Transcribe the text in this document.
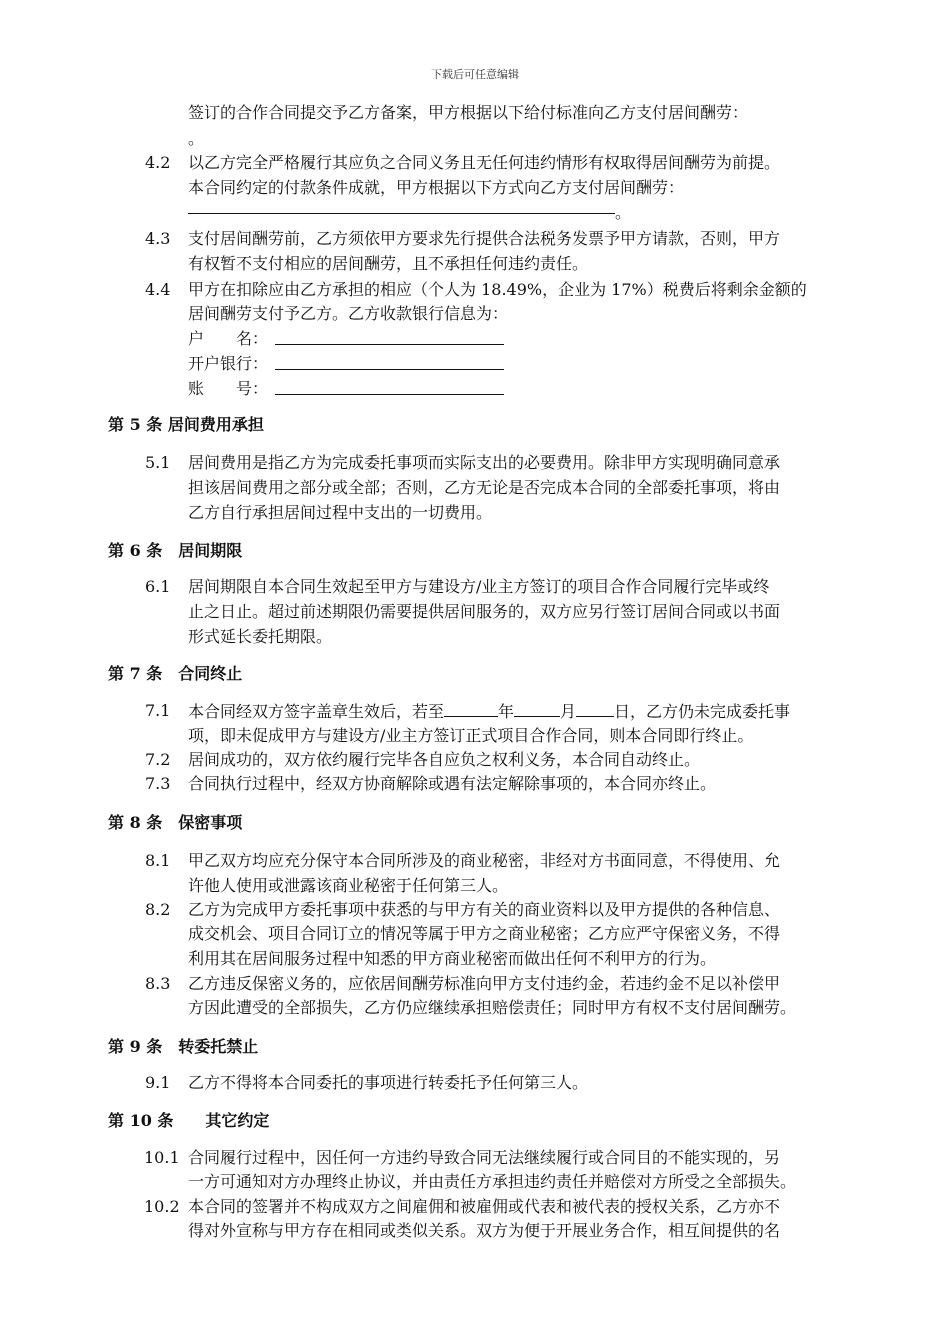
下载后可任意编辑
签订的合作合同提交予乙方备案，甲方根据以下给付标准向乙方支付居间酬劳：
。
4.2 以乙方完全严格履行其应负之合同义务且无任何违约情形有权取得居间酬劳为前提。
本合同约定的付款条件成就，甲方根据以下方式向乙方支付居间酬劳：
。
4.3 支付居间酬劳前，乙方须依甲方要求先行提供合法税务发票予甲方请款，否则，甲方
有权暂不支付相应的居间酬劳，且不承担任何违约责任。
4.4 甲方在扣除应由乙方承担的相应（个人为 18.49%，企业为 17%）税费后将剩余金额的
居间酬劳支付予乙方。乙方收款银行信息为：
户　　名：
开户银行：
账　　号：
第 5 条 居间费用承担
5.1 居间费用是指乙方为完成委托事项而实际支出的必要费用。除非甲方实现明确同意承
担该居间费用之部分或全部；否则，乙方无论是否完成本合同的全部委托事项，将由
乙方自行承担居间过程中支出的一切费用。
第 6 条　居间期限
6.1 居间期限自本合同生效起至甲方与建设方/业主方签订的项目合作合同履行完毕或终
止之日止。超过前述期限仍需要提供居间服务的，双方应另行签订居间合同或以书面
形式延长委托期限。
第 7 条　合同终止
7.1 本合同经双方签字盖章生效后，若至	年	月 日，乙方仍未完成委托事
项，即未促成甲方与建设方/业主方签订正式项目合作合同，则本合同即行终止。
7.2 居间成功的，双方依约履行完毕各自应负之权利义务，本合同自动终止。
7.3 合同执行过程中，经双方协商解除或遇有法定解除事项的，本合同亦终止。
第 8 条　保密事项
8.1 甲乙双方均应充分保守本合同所涉及的商业秘密，非经对方书面同意，不得使用、允
许他人使用或泄露该商业秘密于任何第三人。
8.2 乙方为完成甲方委托事项中获悉的与甲方有关的商业资料以及甲方提供的各种信息、
成交机会、项目合同订立的情况等属于甲方之商业秘密；乙方应严守保密义务，不得
利用其在居间服务过程中知悉的甲方商业秘密而做出任何不利甲方的行为。
8.3 乙方违反保密义务的，应依居间酬劳标准向甲方支付违约金，若违约金不足以补偿甲
方因此遭受的全部损失，乙方仍应继续承担赔偿责任；同时甲方有权不支付居间酬劳。
第 9 条　转委托禁止
9.1 乙方不得将本合同委托的事项进行转委托予任何第三人。
第 10 条　　其它约定
10.1 合同履行过程中，因任何一方违约导致合同无法继续履行或合同目的不能实现的，另
一方可通知对方办理终止协议，并由责任方承担违约责任并赔偿对方所受之全部损失。
10.2 本合同的签署并不构成双方之间雇佣和被雇佣或代表和被代表的授权关系，乙方亦不
得对外宣称与甲方存在相同或类似关系。双方为便于开展业务合作，相互间提供的名
